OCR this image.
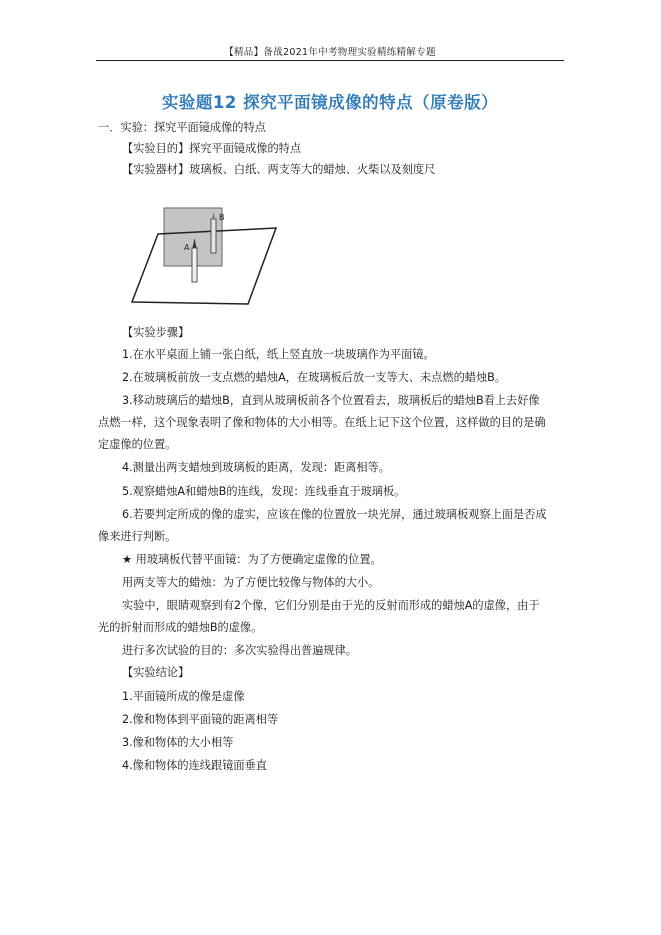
【精品】备战2021年中考物理实验精练精解专题
实验题12 探究平面镜成像的特点（原卷版）
一．实验：探究平面镜成像的特点
【实验目的】探究平面镜成像的特点
【实验器材】玻璃板、白纸、两支等大的蜡烛、火柴以及刻度尺
B
A
【实验步骤】
1.在水平桌面上铺一张白纸，纸上竖直放一块玻璃作为平面镜。
2.在玻璃板前放一支点燃的蜡烛A，在玻璃板后放一支等大、未点燃的蜡烛B。
3.移动玻璃后的蜡烛B，直到从玻璃板前各个位置看去，玻璃板后的蜡烛B看上去好像
点燃一样，这个现象表明了像和物体的大小相等。在纸上记下这个位置，这样做的目的是确
定虚像的位置。
4.测量出两支蜡烛到玻璃板的距离，发现：距离相等。
5.观察蜡烛A和蜡烛B的连线，发现：连线垂直于玻璃板。
6.若要判定所成的像的虚实，应该在像的位置放一块光屏，通过玻璃板观察上面是否成
像来进行判断。
★ 用玻璃板代替平面镜：为了方便确定虚像的位置。
用两支等大的蜡烛：为了方便比较像与物体的大小。
实验中，眼睛观察到有2个像，它们分别是由于光的反射而形成的蜡烛A的虚像，由于
光的折射而形成的蜡烛B的虚像。
进行多次试验的目的：多次实验得出普遍规律。
【实验结论】
1.平面镜所成的像是虚像
2.像和物体到平面镜的距离相等
3.像和物体的大小相等
4.像和物体的连线跟镜面垂直
